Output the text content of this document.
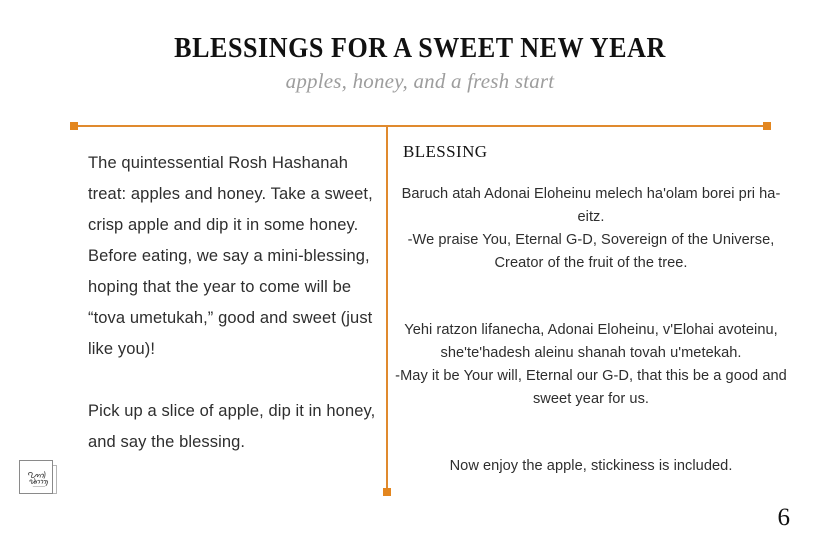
BLESSINGS FOR A SWEET NEW YEAR
apples, honey, and a fresh start

The quintessential Rosh Hashanah treat: apples and honey. Take a sweet, crisp apple and dip it in some honey. Before eating, we say a mini-blessing, hoping that the year to come will be “tova umetukah,” good and sweet (just like you)!

Pick up a slice of apple, dip it in honey, and say the blessing.

BLESSING

Baruch atah Adonai Eloheinu melech ha'olam borei pri ha-eitz.

-We praise You, Eternal G-D, Sovereign of the Universe, Creator of the fruit of the tree.

Yehi ratzon lifanecha, Adonai Eloheinu, v'Elohai avoteinu, she'te'hadesh aleinu shanah tovah u'metekah.

-May it be Your will, Eternal our G-D, that this be a good and sweet year for us.

Now enjoy the apple, stickiness is included.

6
